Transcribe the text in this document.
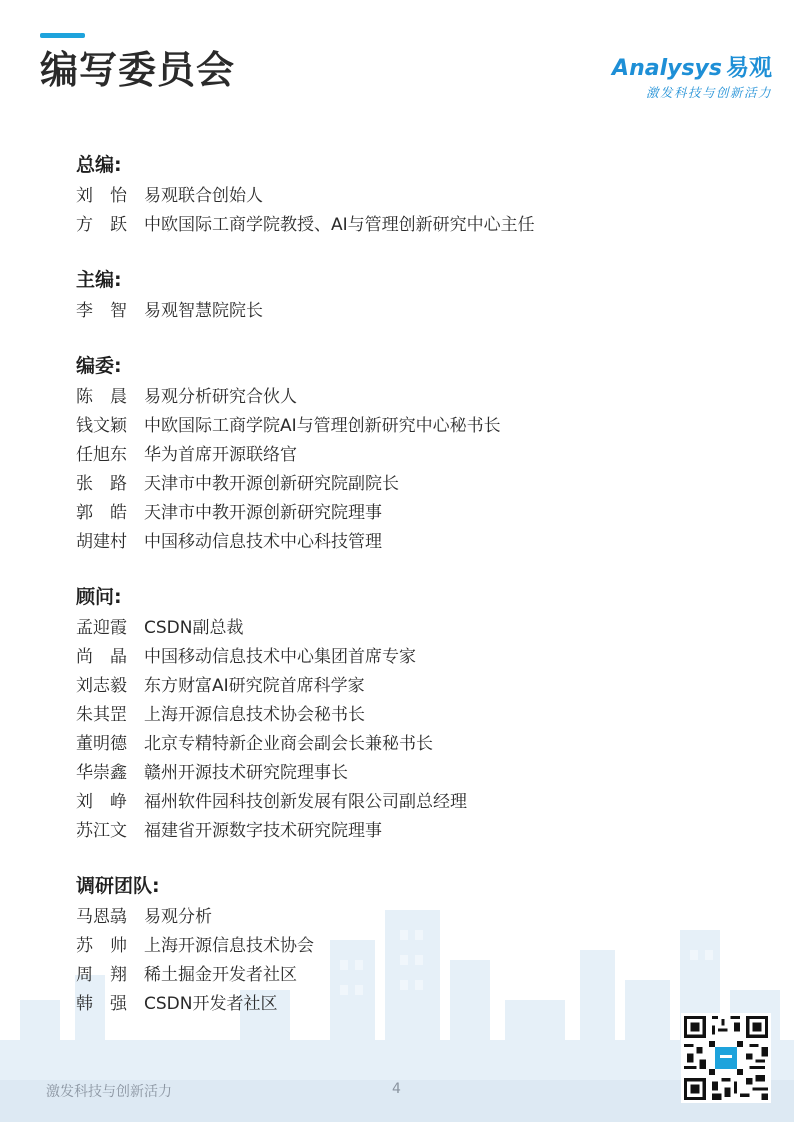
编写委员会	Analysys 易观
激发科技与创新活力
总编:
刘　怡	易观联合创始人
方　跃	中欧国际工商学院教授、AI与管理创新研究中心主任
主编:
李　智	易观智慧院院长
编委:
陈　晨	易观分析研究合伙人
钱文颖	中欧国际工商学院AI与管理创新研究中心秘书长
任旭东	华为首席开源联络官
张　路	天津市中教开源创新研究院副院长
郭　皓	天津市中教开源创新研究院理事
胡建村	中国移动信息技术中心科技管理
顾问:
孟迎霞	CSDN副总裁
尚　晶	中国移动信息技术中心集团首席专家
刘志毅	东方财富AI研究院首席科学家
朱其罡	上海开源信息技术协会秘书长
董明德	北京专精特新企业商会副会长兼秘书长
华崇鑫	赣州开源技术研究院理事长
刘　峥	福州软件园科技创新发展有限公司副总经理
苏江文	福建省开源数字技术研究院理事
调研团队:
马恩骉	易观分析
苏　帅	上海开源信息技术协会
周　翔	稀土掘金开发者社区
韩　强	CSDN开发者社区
激发科技与创新活力	4
